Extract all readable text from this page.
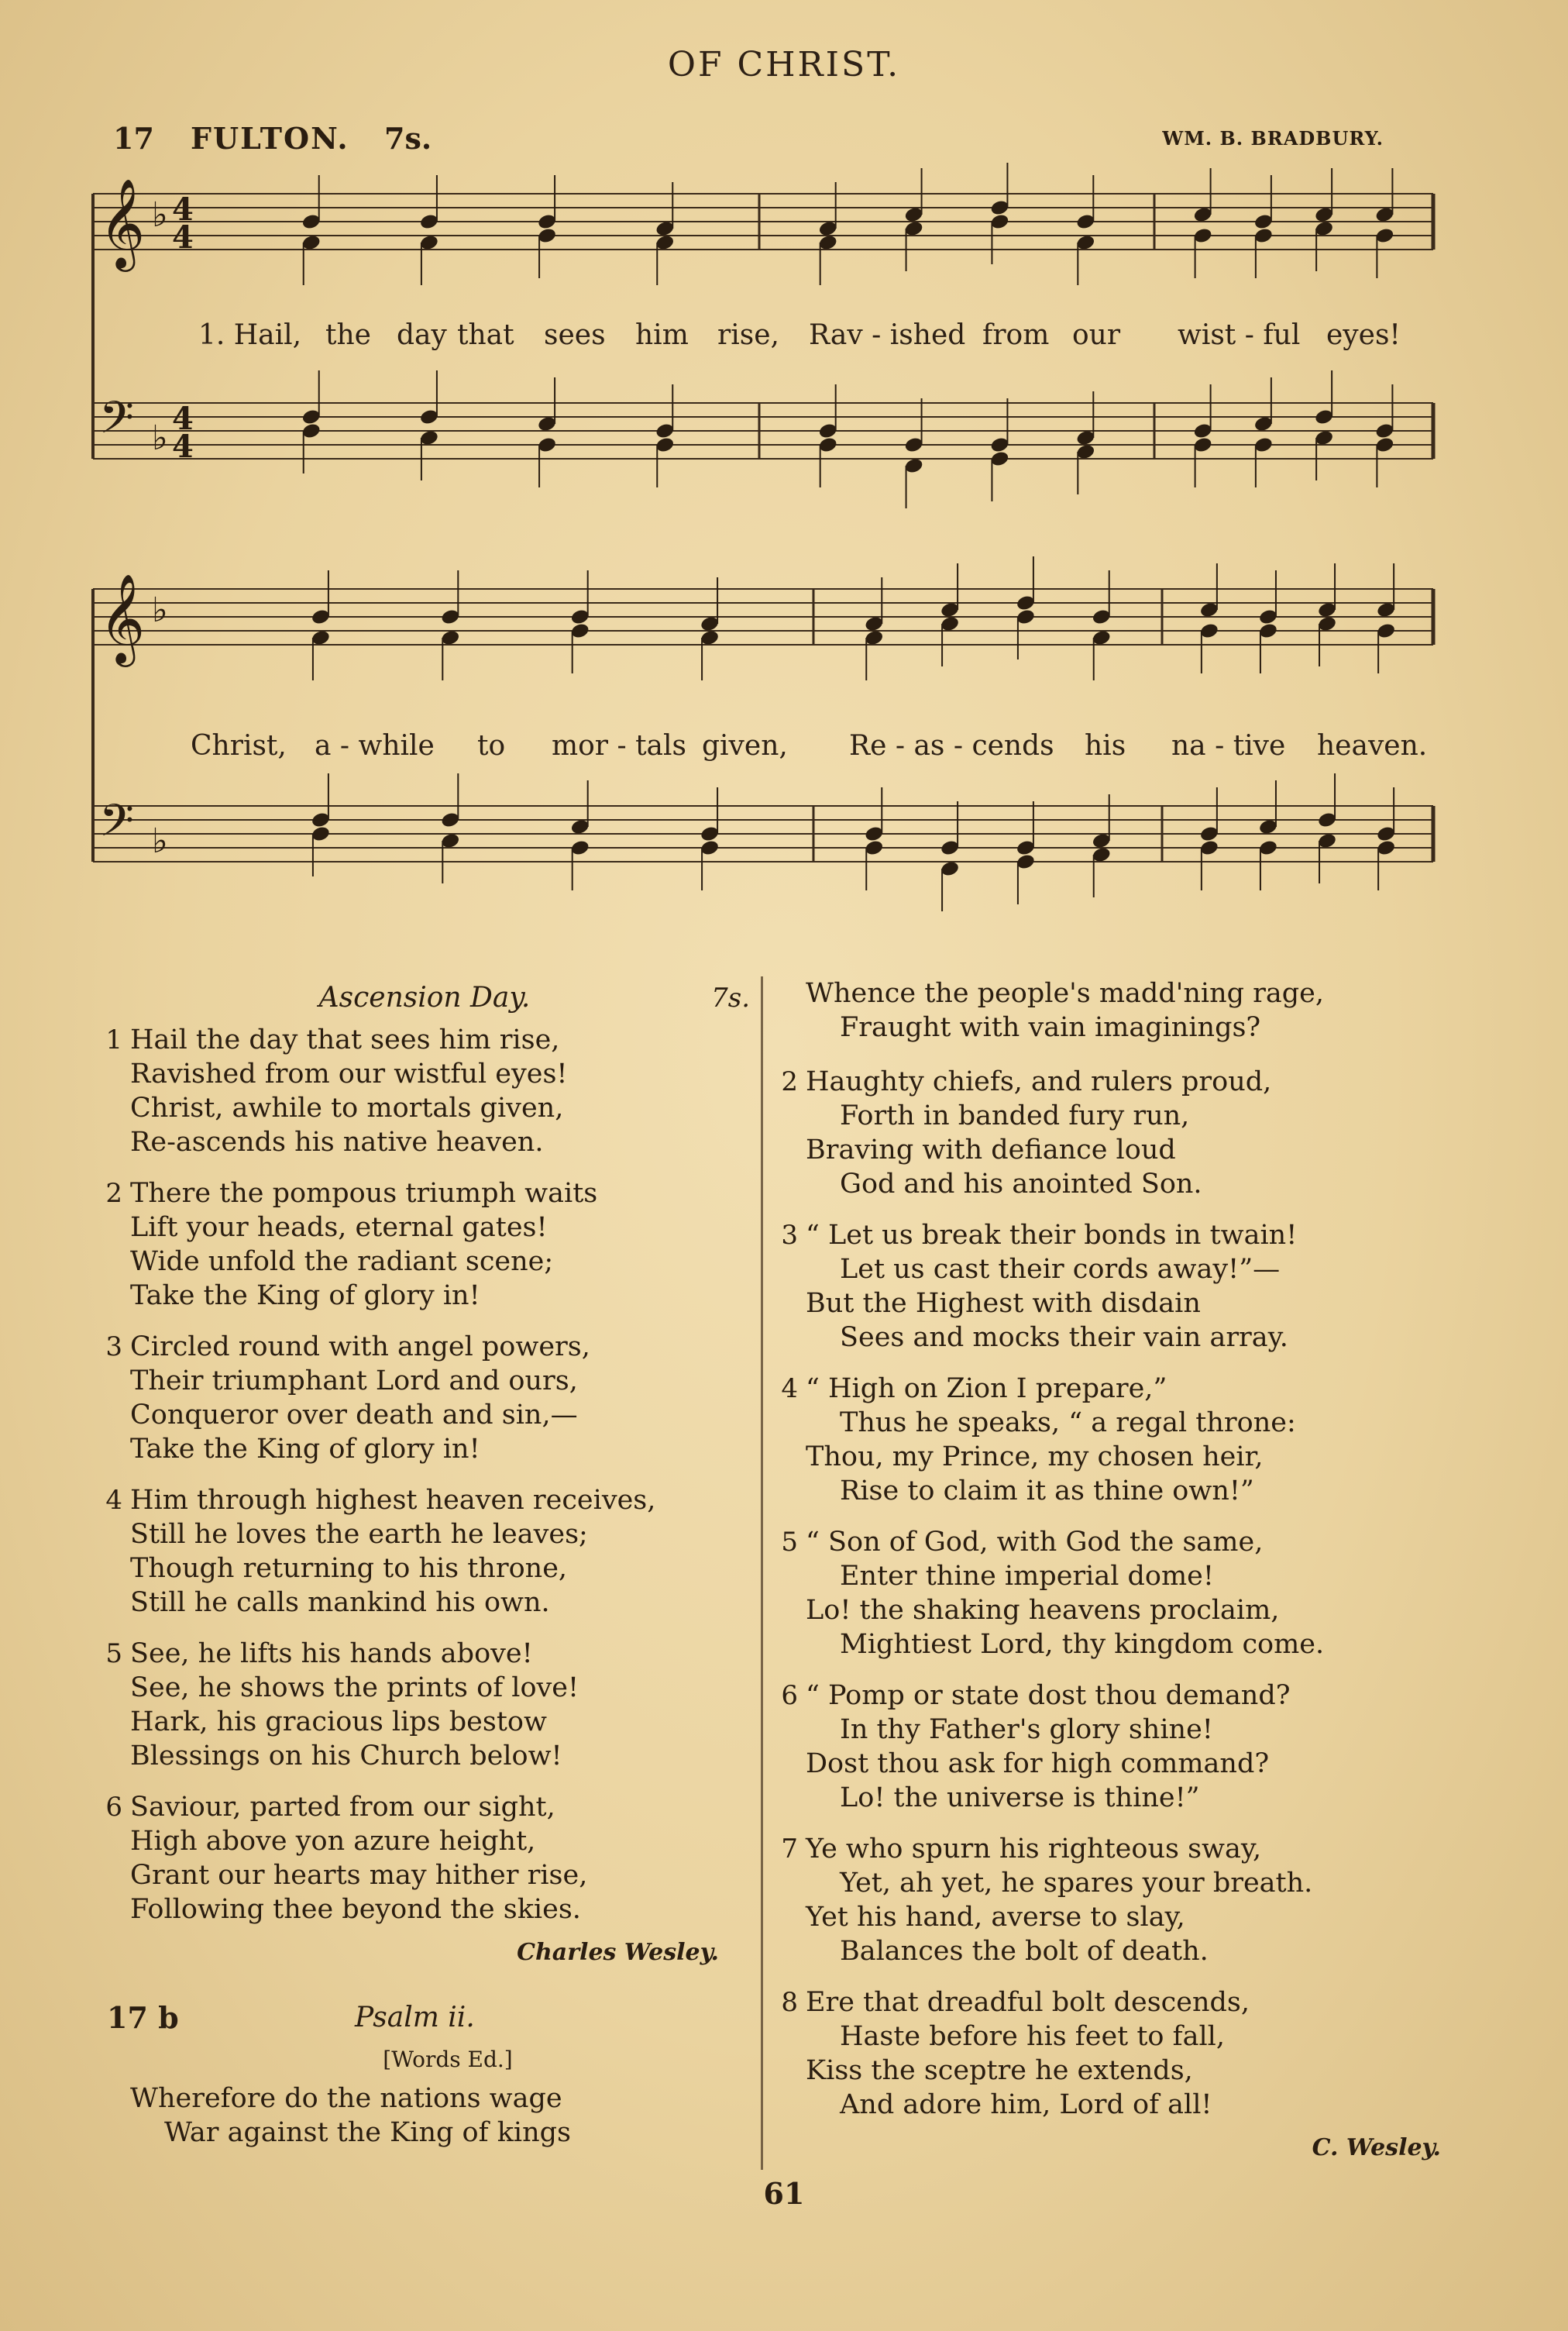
OF CHRIST.
17 FULTON. 7s.	WM. B. BRADBURY.
𝄞
𝄢
♭
♭
4
4
4
4
1. Hail, the day that sees him rise, Rav - ished from our wist - ful eyes!
𝄞
𝄢
♭
♭
Christ, a - while to mor - tals given, Re - as - cends his na - tive heaven.
Ascension Day.	7s.
1 Hail the day that sees him rise,
Ravished from our wistful eyes!
Christ, awhile to mortals given,
Re-ascends his native heaven.
2 There the pompous triumph waits
Lift your heads, eternal gates!
Wide unfold the radiant scene;
Take the King of glory in!
3 Circled round with angel powers,
Their triumphant Lord and ours,
Conqueror over death and sin,—
Take the King of glory in!
4 Him through highest heaven receives,
Still he loves the earth he leaves;
Though returning to his throne,
Still he calls mankind his own.
5 See, he lifts his hands above!
See, he shows the prints of love!
Hark, his gracious lips bestow
Blessings on his Church below!
6 Saviour, parted from our sight,
High above yon azure height,
Grant our hearts may hither rise,
Following thee beyond the skies.
Charles Wesley.
17 b	Psalm ii.
[Words Ed.]
Wherefore do the nations wage
War against the King of kings
Whence the people's madd'ning rage,
Fraught with vain imaginings?
2 Haughty chiefs, and rulers proud,
Forth in banded fury run,
Braving with defiance loud
God and his anointed Son.
3 “ Let us break their bonds in twain!
Let us cast their cords away!”—
But the Highest with disdain
Sees and mocks their vain array.
4 “ High on Zion I prepare,”
Thus he speaks, “ a regal throne:
Thou, my Prince, my chosen heir,
Rise to claim it as thine own!”
5 “ Son of God, with God the same,
Enter thine imperial dome!
Lo! the shaking heavens proclaim,
Mightiest Lord, thy kingdom come.
6 “ Pomp or state dost thou demand?
In thy Father's glory shine!
Dost thou ask for high command?
Lo! the universe is thine!”
7 Ye who spurn his righteous sway,
Yet, ah yet, he spares your breath.
Yet his hand, averse to slay,
Balances the bolt of death.
8 Ere that dreadful bolt descends,
Haste before his feet to fall,
Kiss the sceptre he extends,
And adore him, Lord of all!
C. Wesley.
61
